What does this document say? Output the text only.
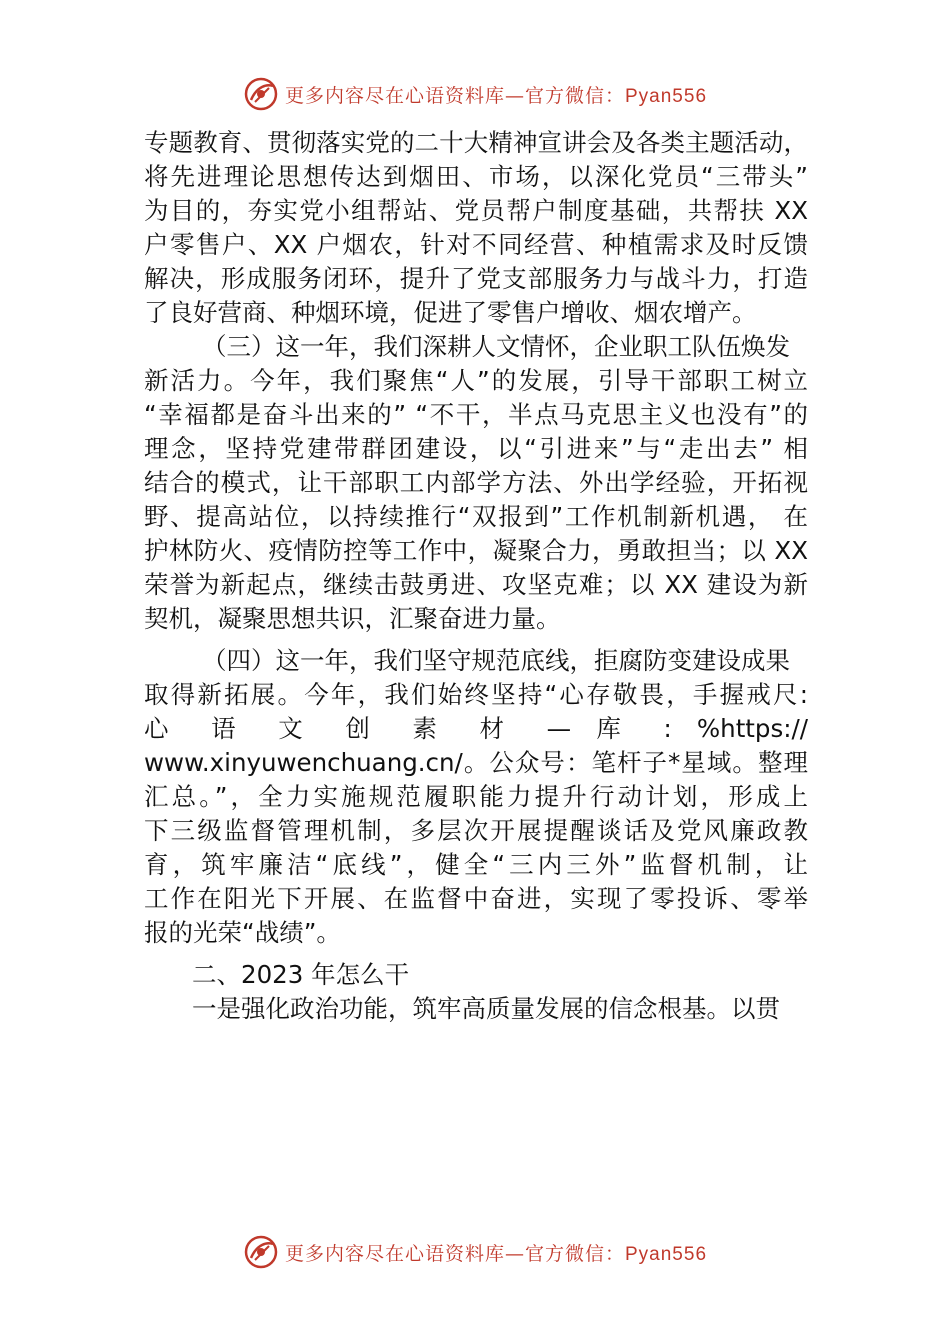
更多内容尽在心语资料库—官方微信：Pyan556
专题教育、贯彻落实党的二十大精神宣讲会及各类主题活动，
将先进理论思想传达到烟田、市场，以深化党员“三带头”
为目的，夯实党小组帮站、党员帮户制度基础，共帮扶 XX
户零售户、XX 户烟农，针对不同经营、种植需求及时反馈
解决，形成服务闭环，提升了党支部服务力与战斗力，打造
了良好营商、种烟环境，促进了零售户增收、烟农增产。
（三）这一年，我们深耕人文情怀，企业职工队伍焕发
新活力。今年，我们聚焦“人”的发展，引导干部职工树立
“幸福都是奋斗出来的” “不干，半点马克思主义也没有”的
理念，坚持党建带群团建设，以“引进来”与“走出去” 相
结合的模式，让干部职工内部学方法、外出学经验，开拓视
野、提高站位，以持续推行“双报到”工作机制新机遇， 在
护林防火、疫情防控等工作中，凝聚合力，勇敢担当；以 XX
荣誉为新起点，继续击鼓勇进、攻坚克难；以 XX 建设为新
契机，凝聚思想共识，汇聚奋进力量。
（四）这一年，我们坚守规范底线，拒腐防变建设成果
取得新拓展。今年，我们始终坚持“心存敬畏，手握戒尺:
心 语 文 创 素 材 — 库 : %https://
www.xinyuwenchuang.cn/。公众号：笔杆子*星域。整理
汇总。”，全力实施规范履职能力提升行动计划，形成上
下三级监督管理机制，多层次开展提醒谈话及党风廉政教
育，筑牢廉洁“底线”，健全“三内三外”监督机制，让
工作在阳光下开展、在监督中奋进，实现了零投诉、零举
报的光荣“战绩”。
二、2023 年怎么干
一是强化政治功能，筑牢高质量发展的信念根基。以贯
更多内容尽在心语资料库—官方微信：Pyan556
